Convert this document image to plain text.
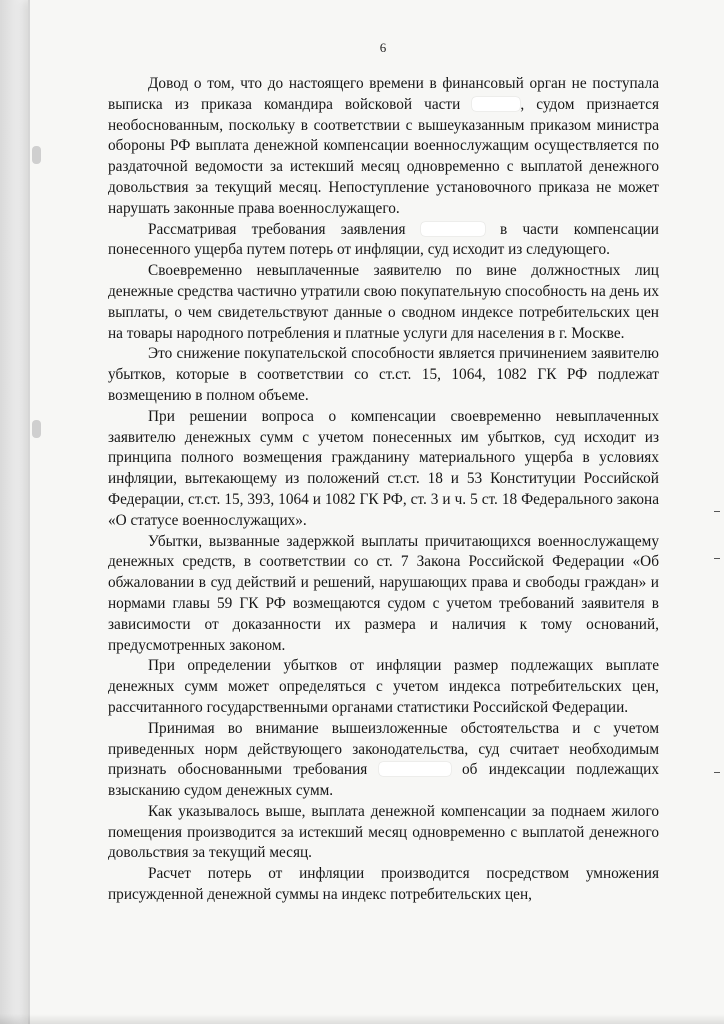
6

Довод о том, что до настоящего времени в финансовый орган не поступала выписка из приказа командира войсковой части	, судом признается необоснованным, поскольку в соответствии с вышеуказанным приказом министра обороны РФ выплата денежной компенсации военнослужащим осуществляется по раздаточной ведомости за истекший месяц одновременно с выплатой денежного довольствия за текущий месяц. Непоступление установочного приказа не может нарушать законные права военнослужащего.

Рассматривая требования заявления	в части компенсации понесенного ущерба путем потерь от инфляции, суд исходит из следующего.

Своевременно невыплаченные заявителю по вине должностных лиц денежные средства частично утратили свою покупательную способность на день их выплаты, о чем свидетельствуют данные о сводном индексе потребительских цен на товары народного потребления и платные услуги для населения в г. Москве.

Это снижение покупательской способности является причинением заявителю убытков, которые в соответствии со ст.ст. 15, 1064, 1082 ГК РФ подлежат возмещению в полном объеме.

При решении вопроса о компенсации своевременно невыплаченных заявителю денежных сумм с учетом понесенных им убытков, суд исходит из принципа полного возмещения гражданину материального ущерба в условиях инфляции, вытекающему из положений ст.ст. 18 и 53 Конституции Российской Федерации, ст.ст. 15, 393, 1064 и 1082 ГК РФ, ст. 3 и ч. 5 ст. 18 Федерального закона «О статусе военнослужащих».

Убытки, вызванные задержкой выплаты причитающихся военнослужащему денежных средств, в соответствии со ст. 7 Закона Российской Федерации «Об обжаловании в суд действий и решений, нарушающих права и свободы граждан» и нормами главы 59 ГК РФ возмещаются судом с учетом требований заявителя в зависимости от доказанности их размера и наличия к тому оснований, предусмотренных законом.

При определении убытков от инфляции размер подлежащих выплате денежных сумм может определяться с учетом индекса потребительских цен, рассчитанного государственными органами статистики Российской Федерации.

Принимая во внимание вышеизложенные обстоятельства и с учетом приведенных норм действующего законодательства, суд считает необходимым признать обоснованными требования	об индексации подлежащих взысканию судом денежных сумм.

Как указывалось выше, выплата денежной компенсации за поднаем жилого помещения производится за истекший месяц одновременно с выплатой денежного довольствия за текущий месяц.

Расчет потерь от инфляции производится посредством умножения присужденной денежной суммы на индекс потребительских цен,
